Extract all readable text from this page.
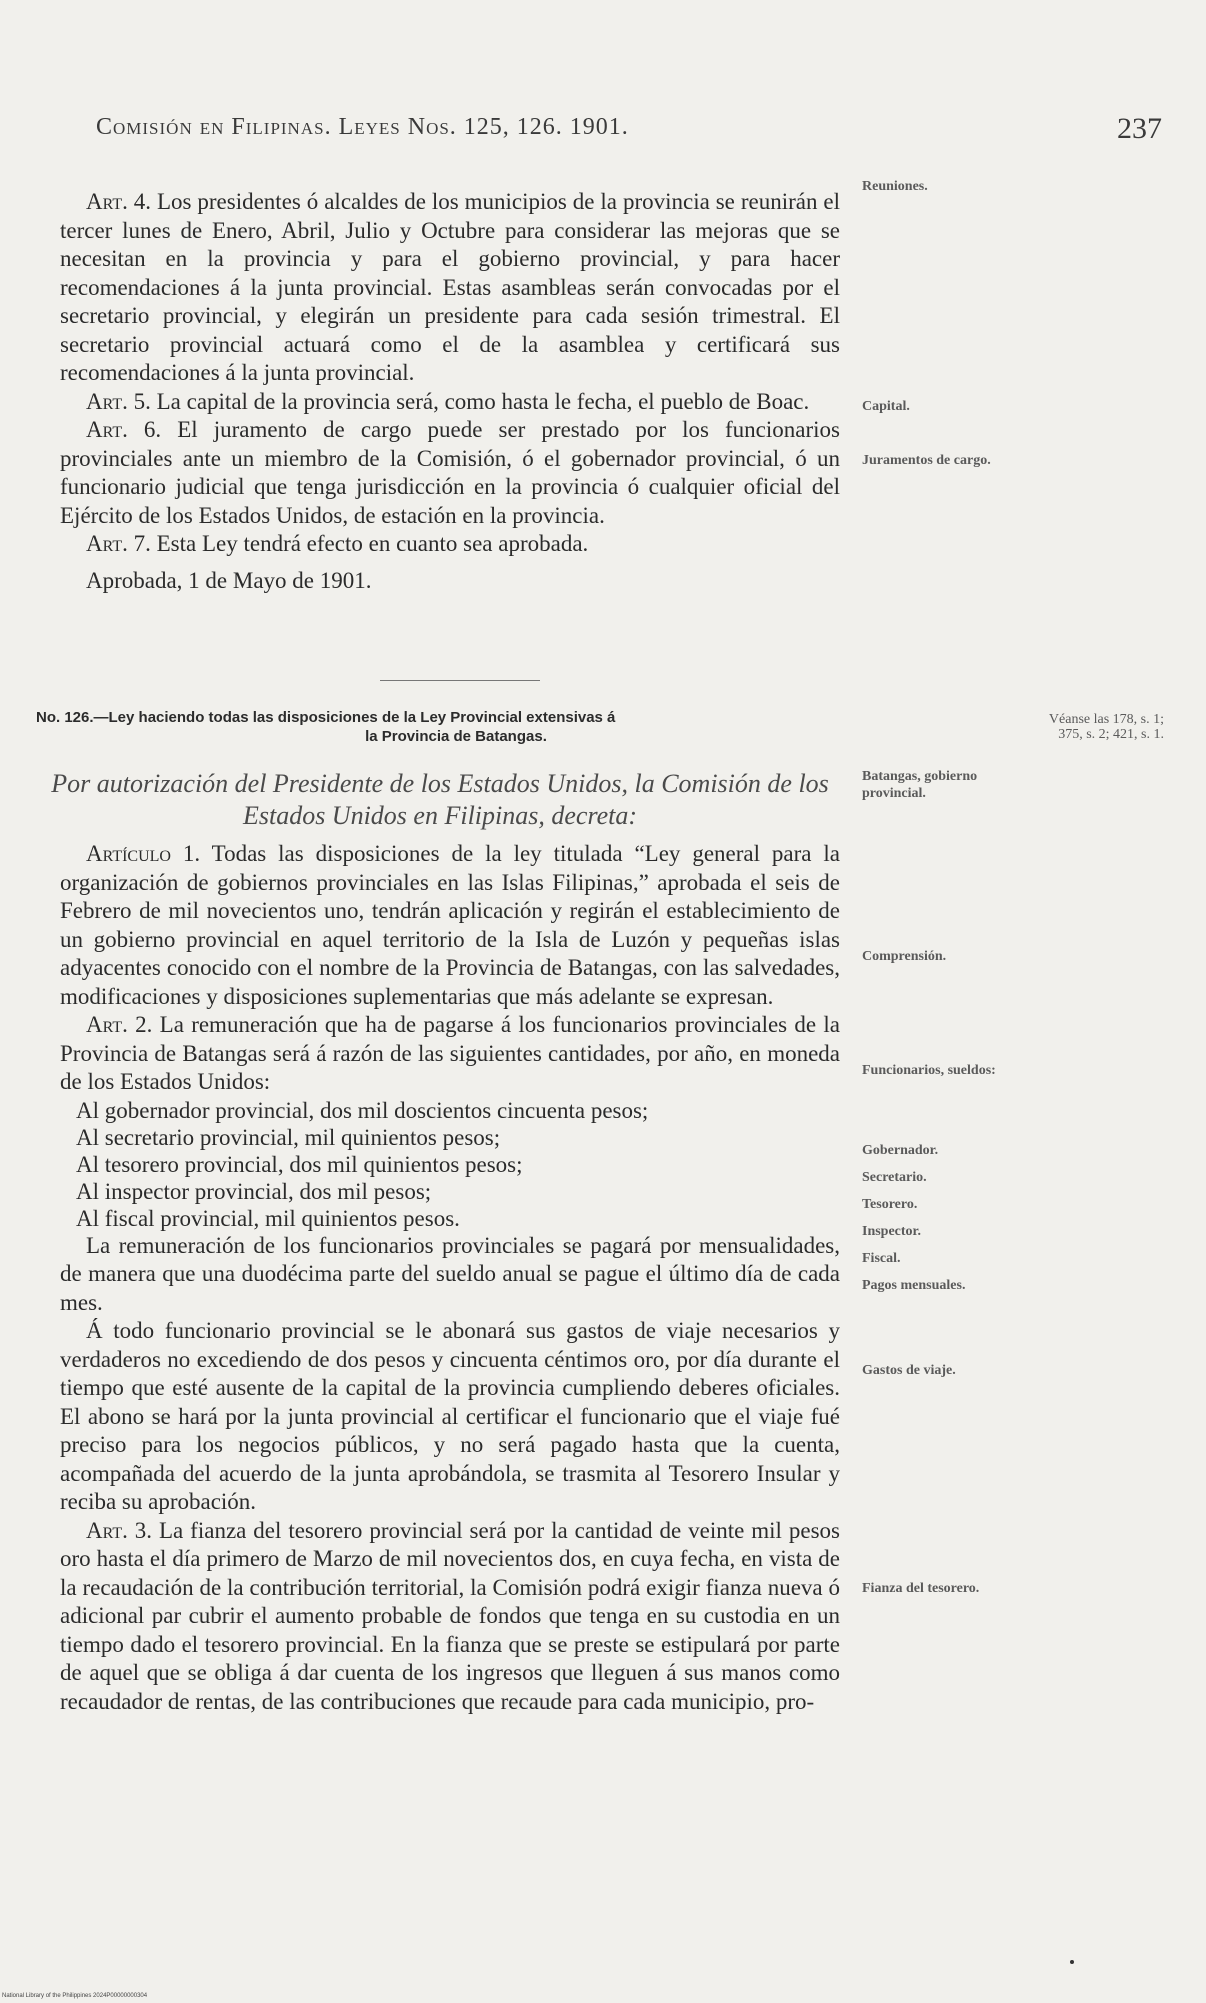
Comisión en Filipinas. Leyes Nos. 125, 126. 1901.	237

Art. 4. Los presidentes ó alcaldes de los municipios de la provincia se reunirán el tercer lunes de Enero, Abril, Julio y Octubre para considerar las mejoras que se necesitan en la provincia y para el gobierno provincial, y para hacer recomendaciones á la junta provincial. Estas asambleas serán convocadas por el secretario provincial, y elegirán un presidente para cada sesión trimestral. El secretario provincial actuará como el de la asamblea y certificará sus recomendaciones á la junta provincial.

Art. 5. La capital de la provincia será, como hasta le fecha, el pueblo de Boac.

Art. 6. El juramento de cargo puede ser prestado por los funcionarios provinciales ante un miembro de la Comisión, ó el gobernador provincial, ó un funcionario judicial que tenga jurisdicción en la provincia ó cualquier oficial del Ejército de los Estados Unidos, de estación en la provincia.

Art. 7. Esta Ley tendrá efecto en cuanto sea aprobada.

Aprobada, 1 de Mayo de 1901.

No. 126.—Ley haciendo todas las disposiciones de la Ley Provincial extensivas á
la Provincia de Batangas.
Por autorización del Presidente de los Estados Unidos, la Comisión de los Estados Unidos en Filipinas, decreta:

Artículo 1. Todas las disposiciones de la ley titulada “Ley general para la organización de gobiernos provinciales en las Islas Filipinas,” aprobada el seis de Febrero de mil novecientos uno, tendrán aplicación y regirán el establecimiento de un gobierno provincial en aquel territorio de la Isla de Luzón y pequeñas islas adyacentes conocido con el nombre de la Provincia de Batangas, con las salvedades, modificaciones y disposiciones suplementarias que más adelante se expresan.

Art. 2. La remuneración que ha de pagarse á los funcionarios provinciales de la Provincia de Batangas será á razón de las siguientes cantidades, por año, en moneda de los Estados Unidos:

Al gobernador provincial, dos mil doscientos cincuenta pesos;

Al secretario provincial, mil quinientos pesos;

Al tesorero provincial, dos mil quinientos pesos;

Al inspector provincial, dos mil pesos;

Al fiscal provincial, mil quinientos pesos.

La remuneración de los funcionarios provinciales se pagará por mensualidades, de manera que una duodécima parte del sueldo anual se pague el último día de cada mes.

Á todo funcionario provincial se le abonará sus gastos de viaje necesarios y verdaderos no excediendo de dos pesos y cincuenta céntimos oro, por día durante el tiempo que esté ausente de la capital de la provincia cumpliendo deberes oficiales. El abono se hará por la junta provincial al certificar el funcionario que el viaje fué preciso para los negocios públicos, y no será pagado hasta que la cuenta, acompañada del acuerdo de la junta aprobándola, se trasmita al Tesorero Insular y reciba su aprobación.

Art. 3. La fianza del tesorero provincial será por la cantidad de veinte mil pesos oro hasta el día primero de Marzo de mil novecientos dos, en cuya fecha, en vista de la recaudación de la contribución territorial, la Comisión podrá exigir fianza nueva ó adicional par cubrir el aumento probable de fondos que tenga en su custodia en un tiempo dado el tesorero provincial. En la fianza que se preste se estipulará por parte de aquel que se obliga á dar cuenta de los ingresos que lleguen á sus manos como recaudador de rentas, de las contribuciones que recaude para cada municipio, pro-

Reuniones.
Capital.
Juramentos de cargo.
Véanse las 178, s. 1; 375, s. 2; 421, s. 1.
Batangas, gobierno provincial.
Comprensión.
Funcionarios, sueldos:
Gobernador.
Secretario.
Tesorero.
Inspector.
Fiscal.
Pagos mensuales.
Gastos de viaje.
Fianza del tesorero.
National Library of the Philippines 2024P00000000304
